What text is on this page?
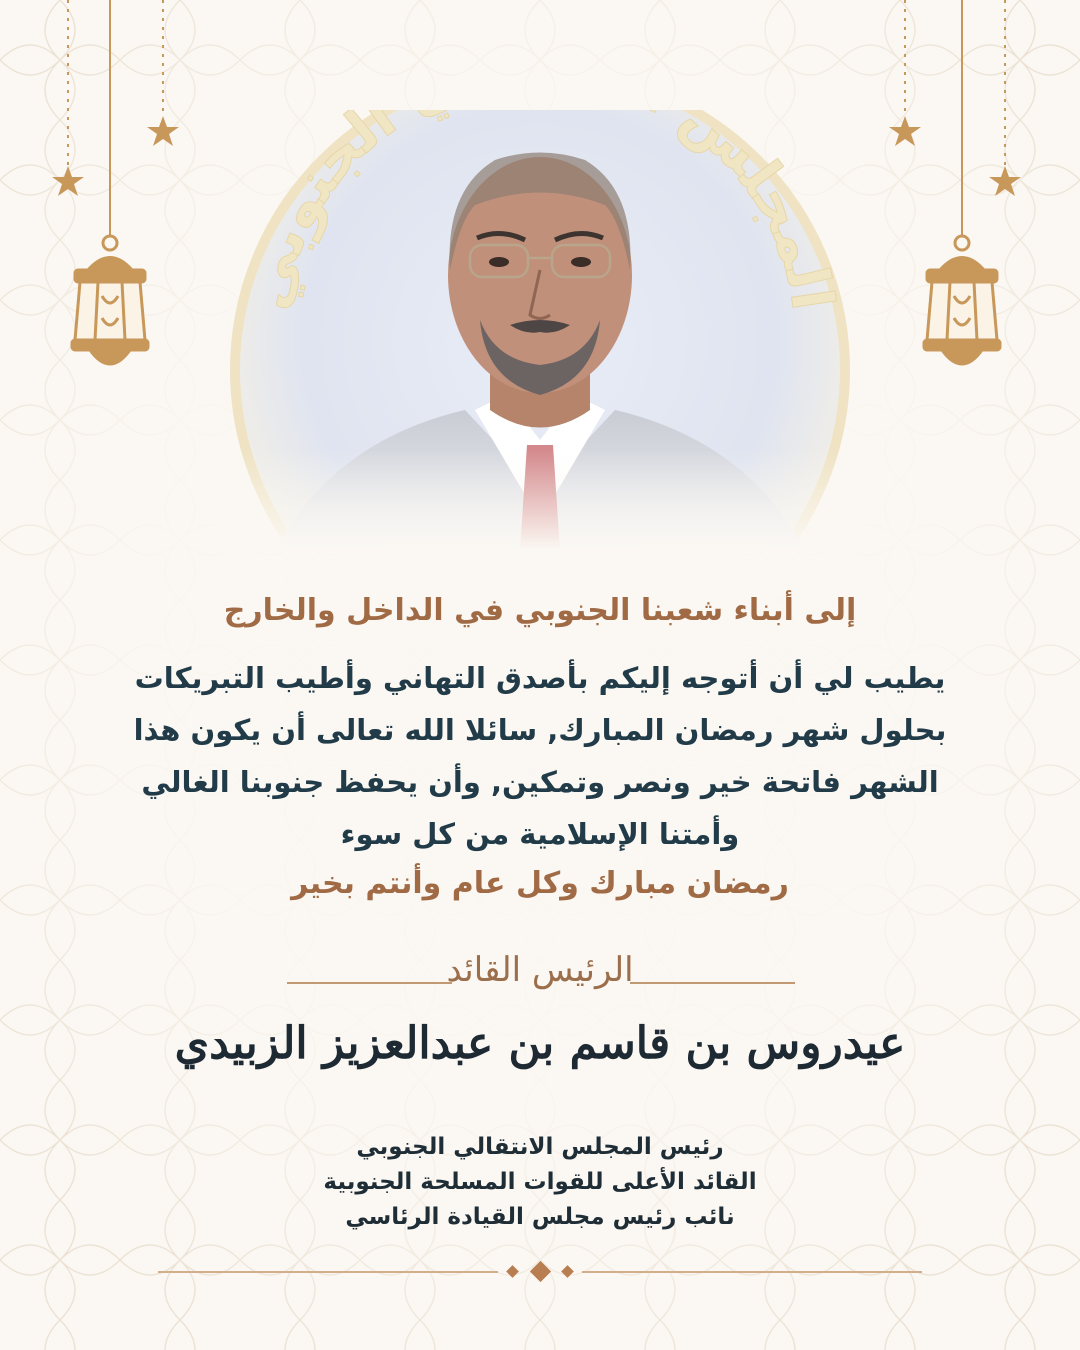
المجلس الجنوبي
إلى أبناء شعبنا الجنوبي في الداخل والخارج
يطيب لي أن أتوجه إليكم بأصدق التهاني وأطيب التبريكات
بحلول شهر رمضان المبارك, سائلا الله تعالى أن يكون هذا
الشهر فاتحة خير ونصر وتمكين, وأن يحفظ جنوبنا الغالي
وأمتنا الإسلامية من كل سوء
رمضان مبارك وكل عام وأنتم بخير
الرئيس القائد
عيدروس بن قاسم بن عبدالعزيز الزبيدي
رئيس المجلس الانتقالي الجنوبي
القائد الأعلى للقوات المسلحة الجنوبية
نائب رئيس مجلس القيادة الرئاسي
